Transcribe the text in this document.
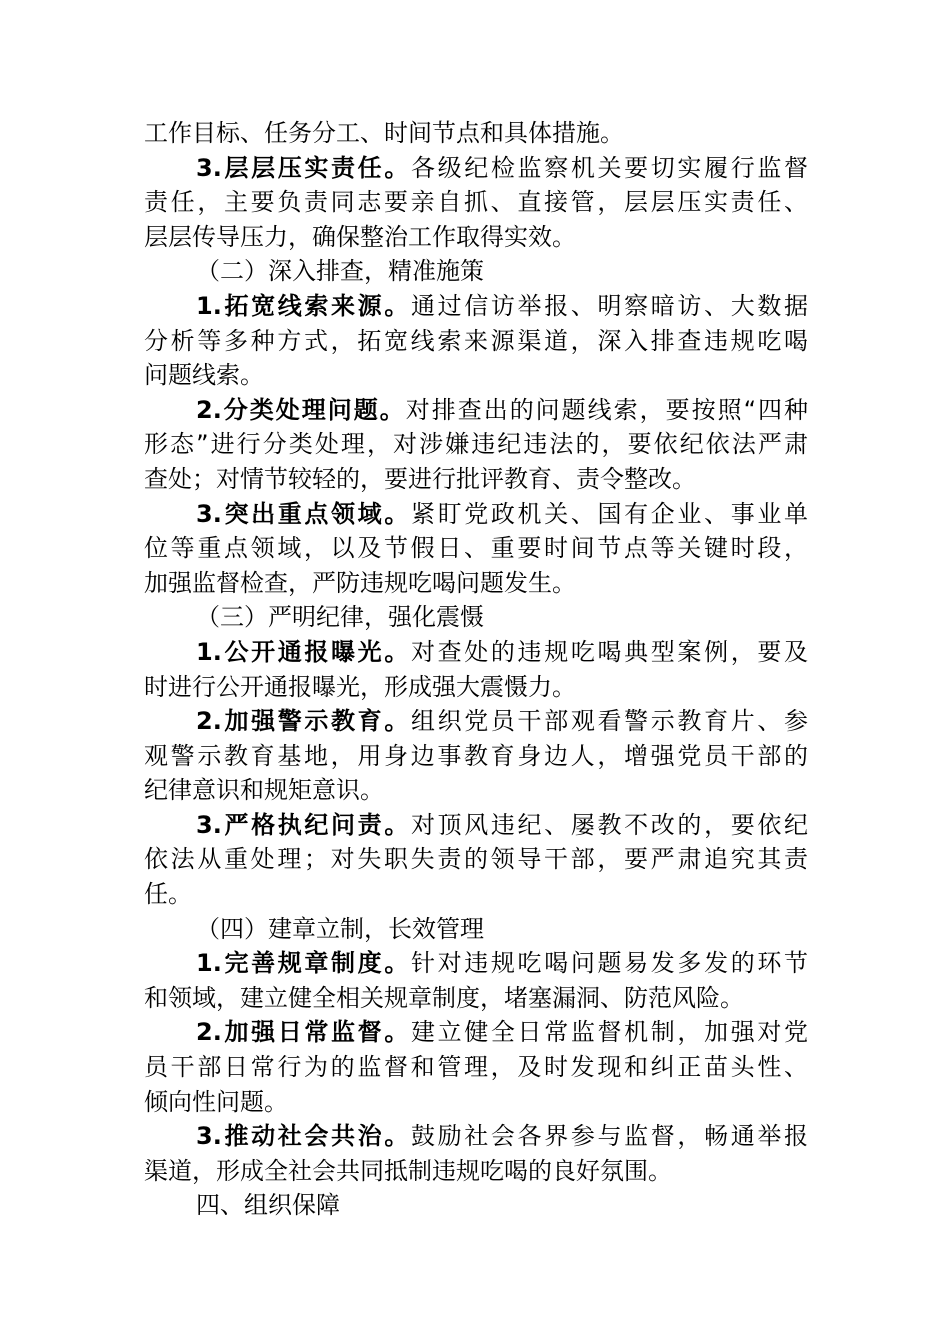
工作目标、任务分工、时间节点和具体措施。
3.层层压实责任。各级纪检监察机关要切实履行监督
责任，主要负责同志要亲自抓、直接管，层层压实责任、
层层传导压力，确保整治工作取得实效。
（二）深入排查，精准施策
1.拓宽线索来源。通过信访举报、明察暗访、大数据
分析等多种方式，拓宽线索来源渠道，深入排查违规吃喝
问题线索。
2.分类处理问题。对排查出的问题线索，要按照“四种
形态”进行分类处理，对涉嫌违纪违法的，要依纪依法严肃
查处；对情节较轻的，要进行批评教育、责令整改。
3.突出重点领域。紧盯党政机关、国有企业、事业单
位等重点领域，以及节假日、重要时间节点等关键时段，
加强监督检查，严防违规吃喝问题发生。
（三）严明纪律，强化震慑
1.公开通报曝光。对查处的违规吃喝典型案例，要及
时进行公开通报曝光，形成强大震慑力。
2.加强警示教育。组织党员干部观看警示教育片、参
观警示教育基地，用身边事教育身边人，增强党员干部的
纪律意识和规矩意识。
3.严格执纪问责。对顶风违纪、屡教不改的，要依纪
依法从重处理；对失职失责的领导干部，要严肃追究其责
任。
（四）建章立制，长效管理
1.完善规章制度。针对违规吃喝问题易发多发的环节
和领域，建立健全相关规章制度，堵塞漏洞、防范风险。
2.加强日常监督。建立健全日常监督机制，加强对党
员干部日常行为的监督和管理，及时发现和纠正苗头性、
倾向性问题。
3.推动社会共治。鼓励社会各界参与监督，畅通举报
渠道，形成全社会共同抵制违规吃喝的良好氛围。
四、组织保障
